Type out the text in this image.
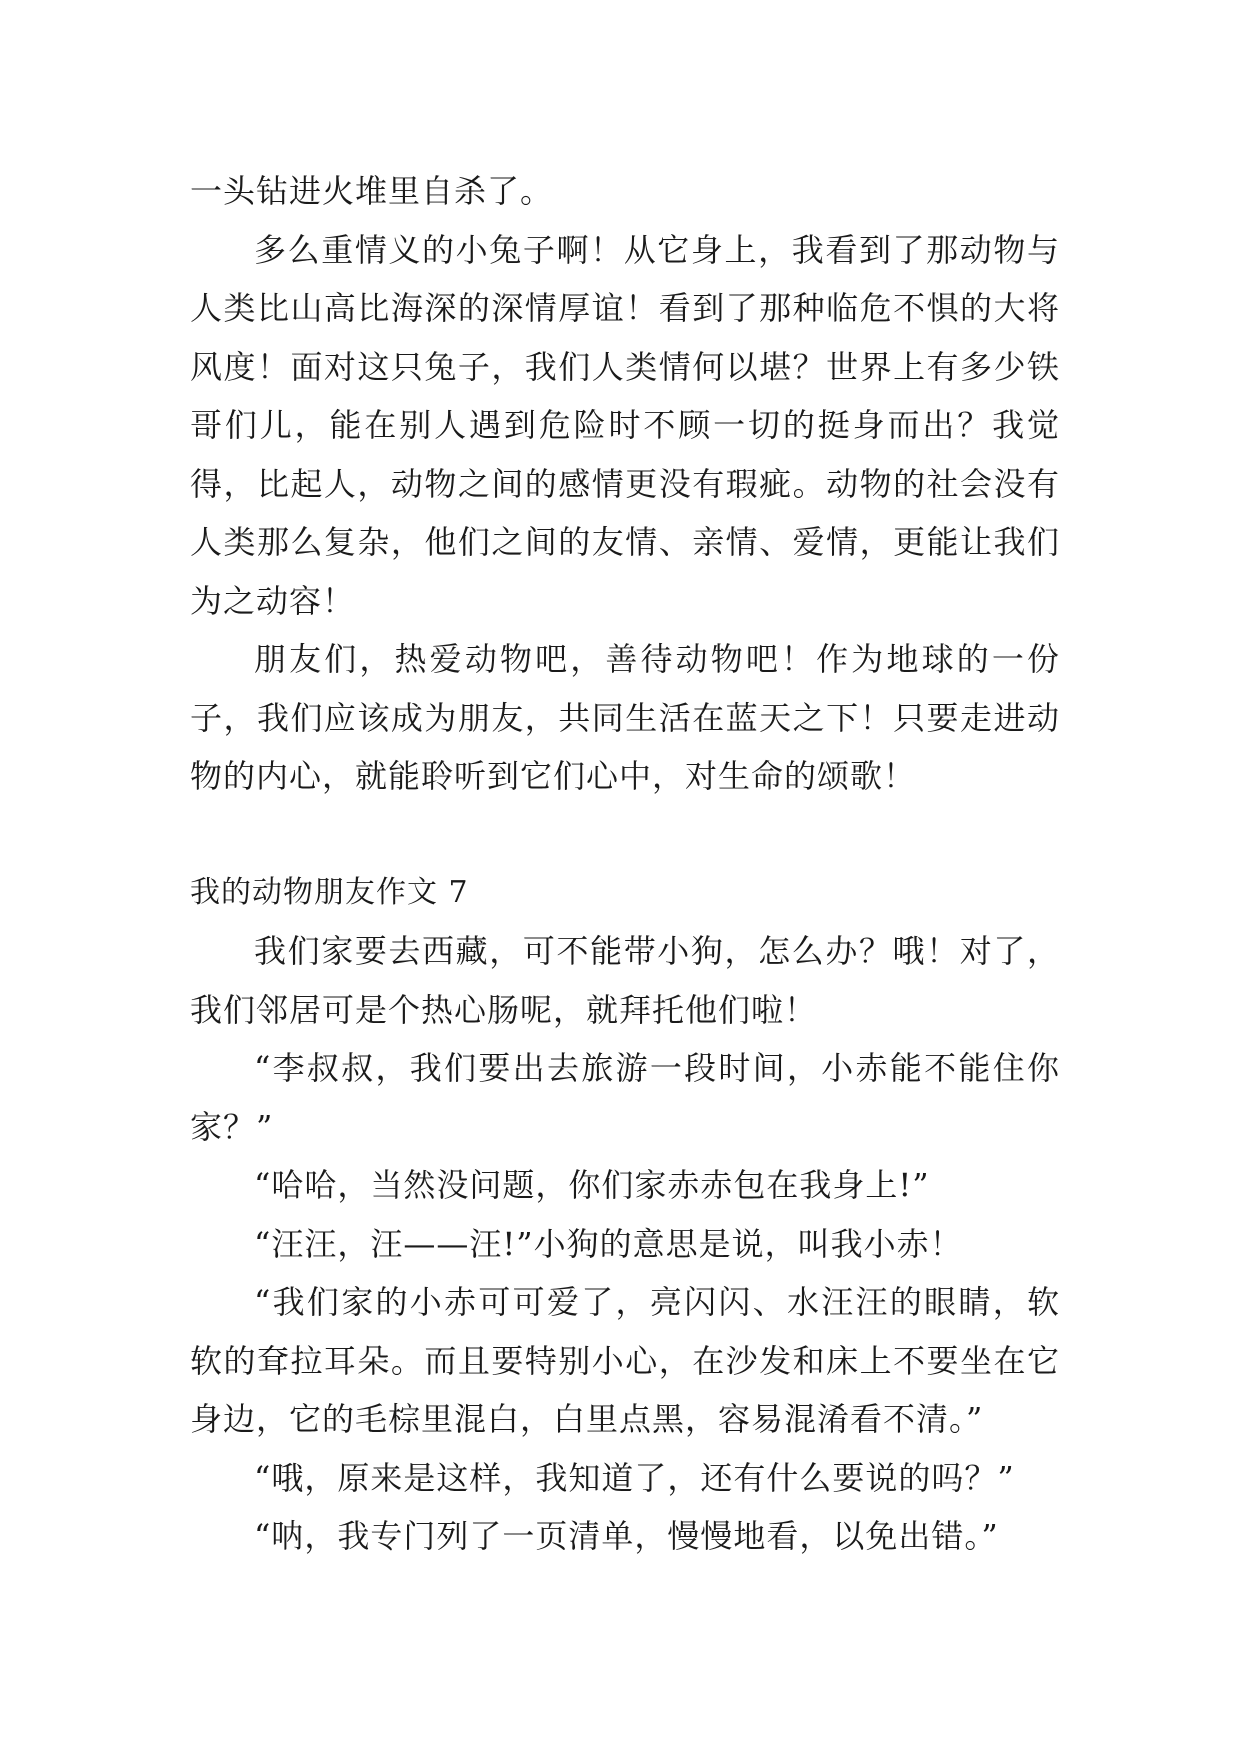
一头钻进火堆里自杀了。

多么重情义的小兔子啊！从它身上，我看到了那动物与人类比山高比海深的深情厚谊！看到了那种临危不惧的大将风度！面对这只兔子，我们人类情何以堪？世界上有多少铁哥们儿，能在别人遇到危险时不顾一切的挺身而出？我觉得，比起人，动物之间的感情更没有瑕疵。动物的社会没有人类那么复杂，他们之间的友情、亲情、爱情，更能让我们为之动容！

朋友们，热爱动物吧，善待动物吧！作为地球的一份子，我们应该成为朋友，共同生活在蓝天之下！只要走进动物的内心，就能聆听到它们心中，对生命的颂歌！

我的动物朋友作文 7

我们家要去西藏，可不能带小狗，怎么办？哦！对了，我们邻居可是个热心肠呢，就拜托他们啦！

“李叔叔，我们要出去旅游一段时间，小赤能不能住你家？”

“哈哈，当然没问题，你们家赤赤包在我身上!”

“汪汪，汪——汪!”小狗的意思是说，叫我小赤！

“我们家的小赤可可爱了，亮闪闪、水汪汪的眼睛，软软的耷拉耳朵。而且要特别小心，在沙发和床上不要坐在它身边，它的毛棕里混白，白里点黑，容易混淆看不清。”

“哦，原来是这样，我知道了，还有什么要说的吗？”

“呐，我专门列了一页清单，慢慢地看，以免出错。”
